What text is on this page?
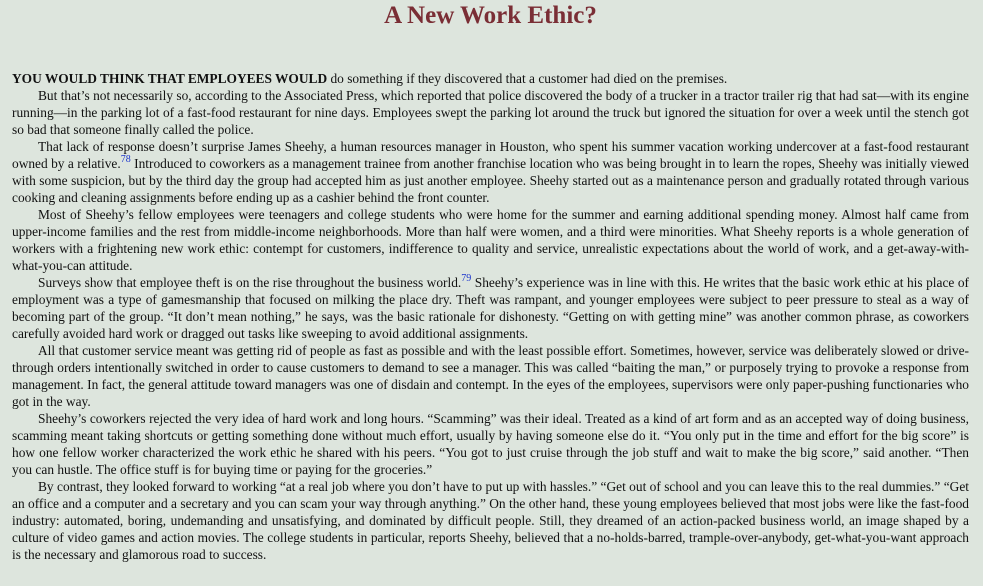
A New Work Ethic?

YOU WOULD THINK THAT EMPLOYEES WOULD do something if they discovered that a customer had died on the premises.

But that’s not necessarily so, according to the Associated Press, which reported that police discovered the body of a trucker in a tractor trailer rig that had sat—with its engine running—in the parking lot of a fast-food restaurant for nine days. Employees swept the parking lot around the truck but ignored the situation for over a week until the stench got so bad that someone finally called the police.

That lack of response doesn’t surprise James Sheehy, a human resources manager in Houston, who spent his summer vacation working undercover at a fast-food restaurant owned by a relative.$^{78}$ Introduced to coworkers as a management trainee from another franchise location who was being brought in to learn the ropes, Sheehy was initially viewed with some suspicion, but by the third day the group had accepted him as just another employee. Sheehy started out as a maintenance person and gradually rotated through various cooking and cleaning assignments before ending up as a cashier behind the front counter.

Most of Sheehy’s fellow employees were teenagers and college students who were home for the summer and earning additional spending money. Almost half came from upper-income families and the rest from middle-income neighborhoods. More than half were women, and a third were minorities. What Sheehy reports is a whole generation of workers with a frightening new work ethic: contempt for customers, indifference to quality and service, unrealistic expectations about the world of work, and a get-away-with-what-you-can attitude.

Surveys show that employee theft is on the rise throughout the business world.$^{79}$ Sheehy’s experience was in line with this. He writes that the basic work ethic at his place of employment was a type of gamesmanship that focused on milking the place dry. Theft was rampant, and younger employees were subject to peer pressure to steal as a way of becoming part of the group. “It don’t mean nothing,” he says, was the basic rationale for dishonesty. “Getting on with getting mine” was another common phrase, as coworkers carefully avoided hard work or dragged out tasks like sweeping to avoid additional assignments.

All that customer service meant was getting rid of people as fast as possible and with the least possible effort. Sometimes, however, service was deliberately slowed or drive-through orders intentionally switched in order to cause customers to demand to see a manager. This was called “baiting the man,” or purposely trying to provoke a response from management. In fact, the general attitude toward managers was one of disdain and contempt. In the eyes of the employees, supervisors were only paper-pushing functionaries who got in the way.

Sheehy’s coworkers rejected the very idea of hard work and long hours. “Scamming” was their ideal. Treated as a kind of art form and as an accepted way of doing business, scamming meant taking shortcuts or getting something done without much effort, usually by having someone else do it. “You only put in the time and effort for the big score” is how one fellow worker characterized the work ethic he shared with his peers. “You got to just cruise through the job stuff and wait to make the big score,” said another. “Then you can hustle. The office stuff is for buying time or paying for the groceries.”

By contrast, they looked forward to working “at a real job where you don’t have to put up with hassles.” “Get out of school and you can leave this to the real dummies.” “Get an office and a computer and a secretary and you can scam your way through anything.” On the other hand, these young employees believed that most jobs were like the fast-food industry: automated, boring, undemanding and unsatisfying, and dominated by difficult people. Still, they dreamed of an action-packed business world, an image shaped by a culture of video games and action movies. The college students in particular, reports Sheehy, believed that a no-holds-barred, trample-over-anybody, get-what-you-want approach is the necessary and glamorous road to success.
